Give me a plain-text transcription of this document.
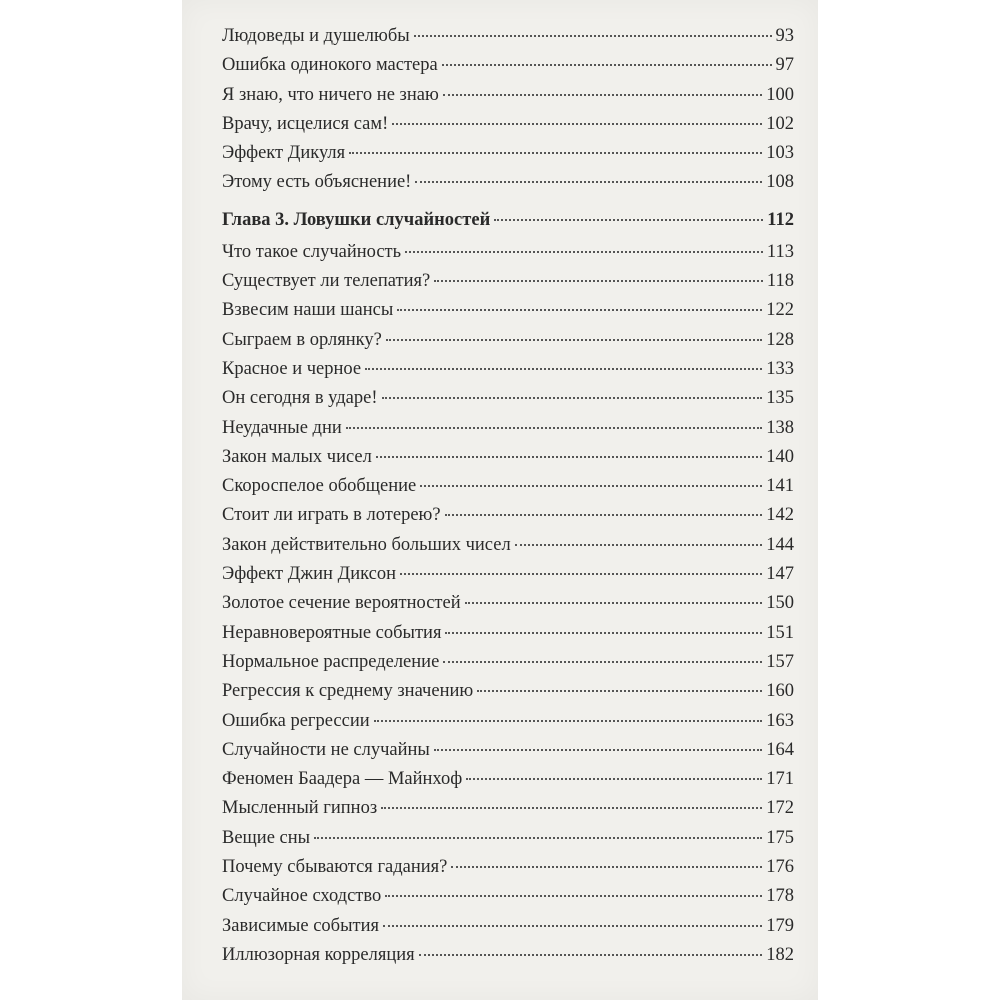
Людоведы и душелюбы	93
Ошибка одинокого мастера	97
Я знаю, что ничего не знаю	100
Врачу, исцелися сам!	102
Эффект Дикуля	103
Этому есть объяснение!	108
Глава 3. Ловушки случайностей	112
Что такое случайность	113
Существует ли телепатия?	118
Взвесим наши шансы	122
Сыграем в орлянку?	128
Красное и черное	133
Он сегодня в ударе!	135
Неудачные дни	138
Закон малых чисел	140
Скороспелое обобщение	141
Стоит ли играть в лотерею?	142
Закон действительно больших чисел	144
Эффект Джин Диксон	147
Золотое сечение вероятностей	150
Неравновероятные события	151
Нормальное распределение	157
Регрессия к среднему значению	160
Ошибка регрессии	163
Случайности не случайны	164
Феномен Баадера — Майнхоф	171
Мысленный гипноз	172
Вещие сны	175
Почему сбываются гадания?	176
Случайное сходство	178
Зависимые события	179
Иллюзорная корреляция	182
